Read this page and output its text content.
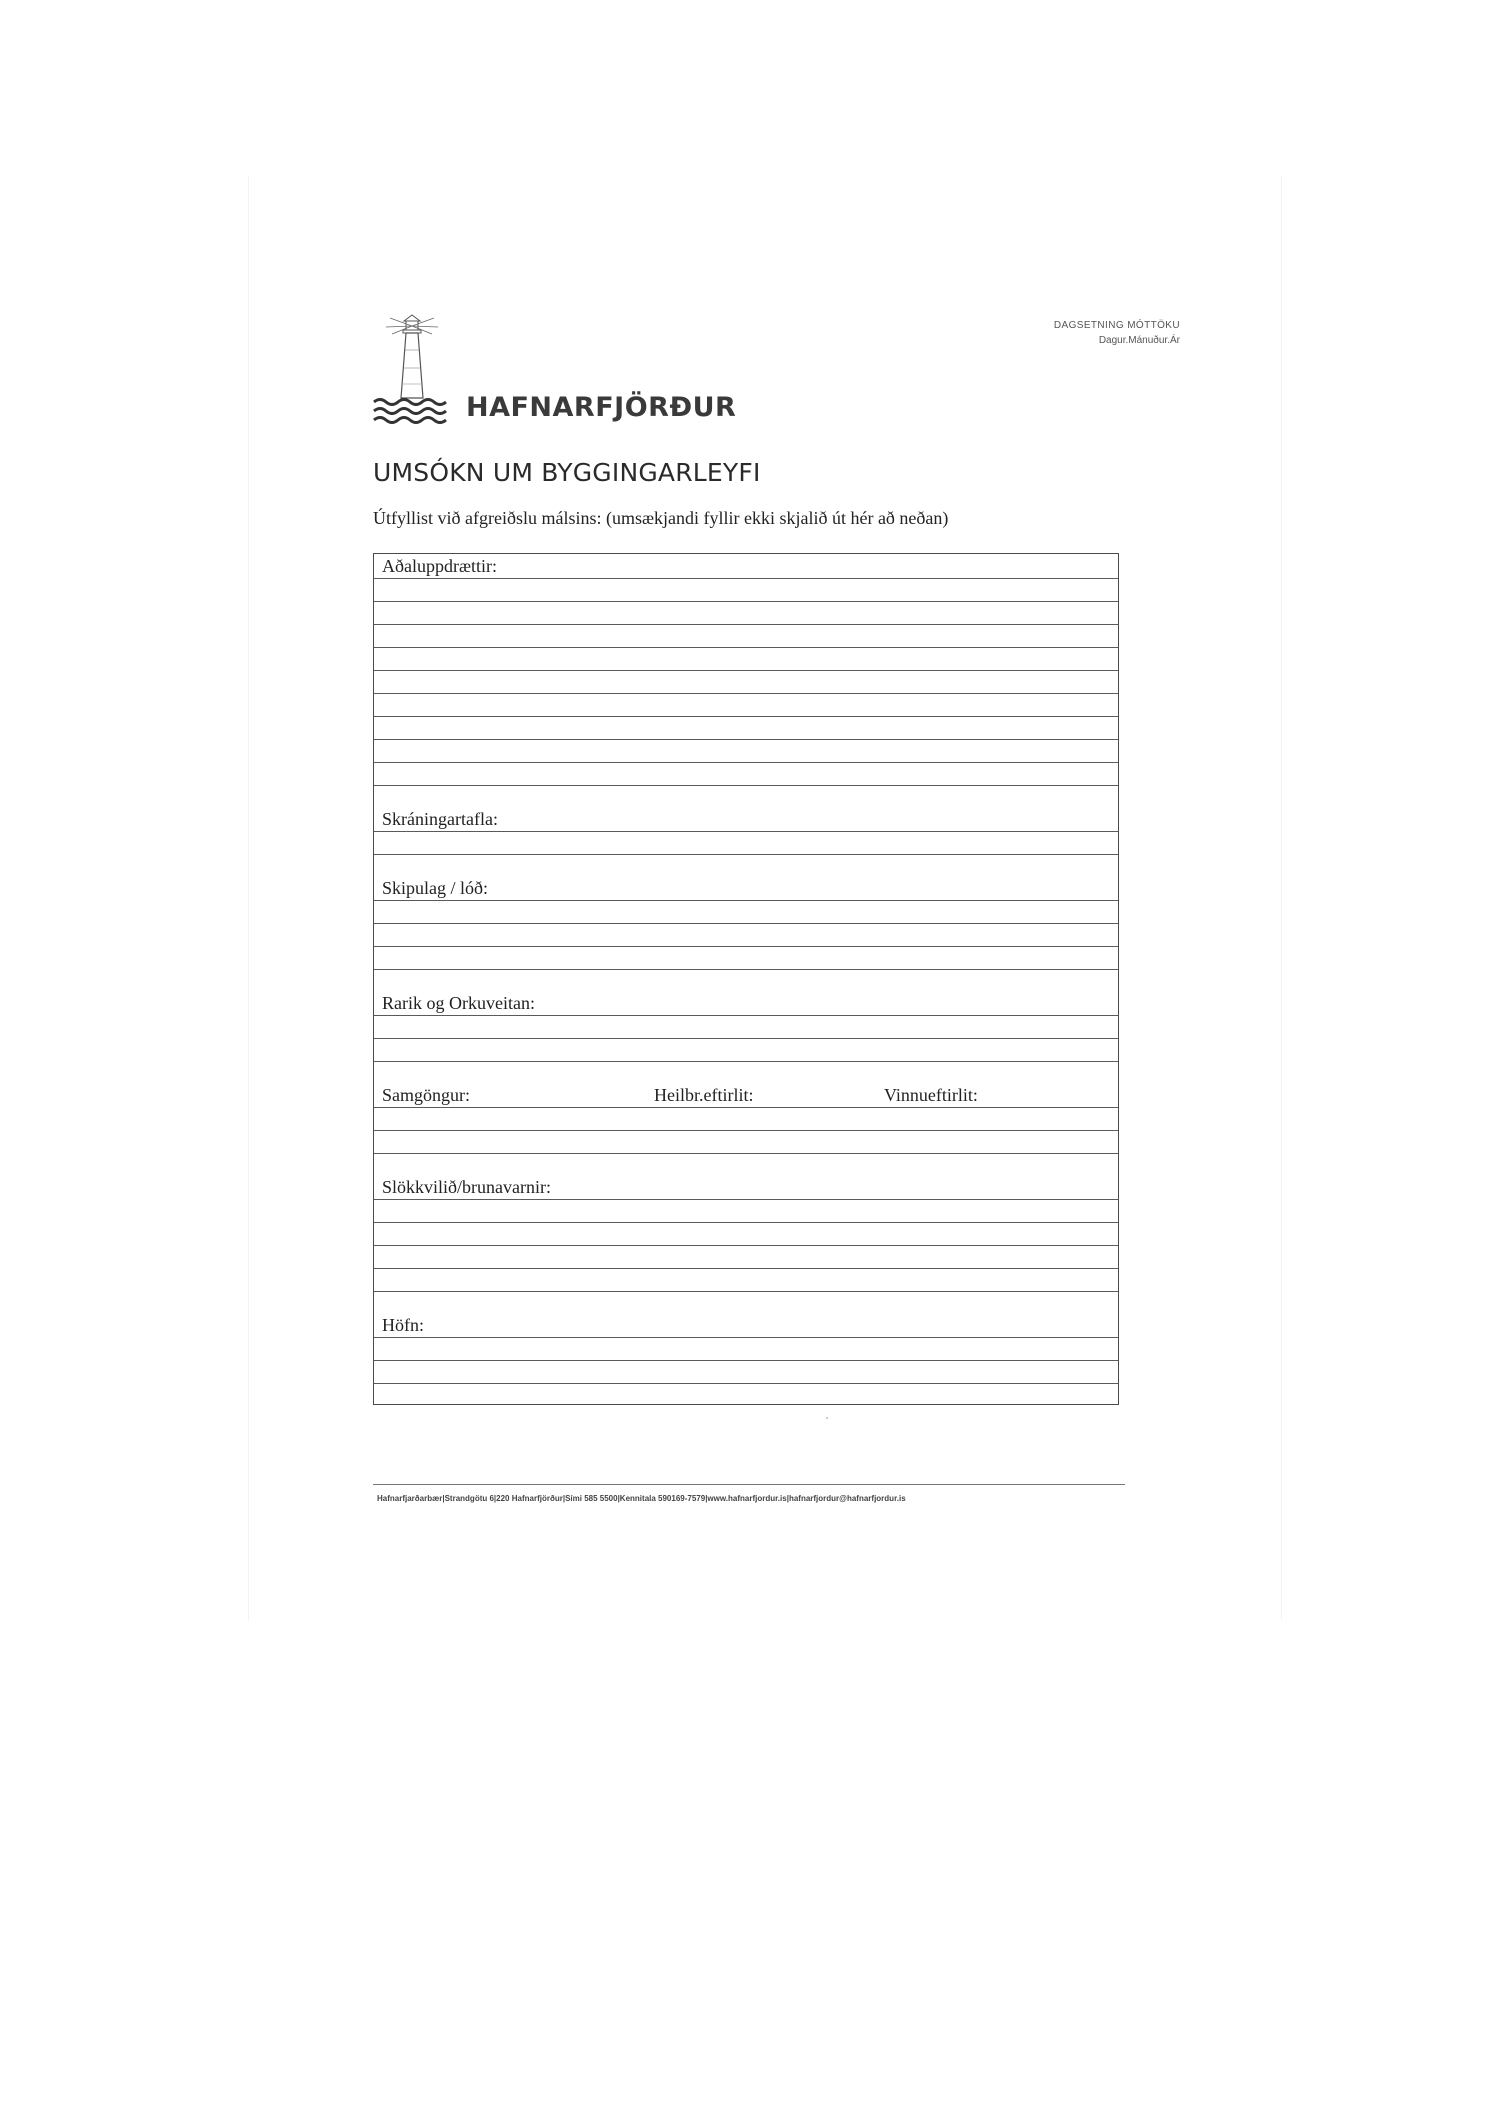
HAFNARFJÖRÐUR
DAGSETNING MÓTTÖKU
Dagur.Mánuður.Ár
UMSÓKN UM BYGGINGARLEYFI
Útfyllist við afgreiðslu málsins: (umsækjandi fyllir ekki skjalið út hér að neðan)
Aðaluppdrættir:
Skráningartafla:
Skipulag / lóð:
Rarik og Orkuveitan:
Samgöngur:	Heilbr.eftirlit:	Vinnueftirlit:
Slökkvilið/brunavarnir:
Höfn:
Hafnarfjarðarbær|Strandgötu 6|220 Hafnarfjörður|Sími 585 5500|Kennitala 590169-7579|www.hafnarfjordur.is|hafnarfjordur@hafnarfjordur.is
